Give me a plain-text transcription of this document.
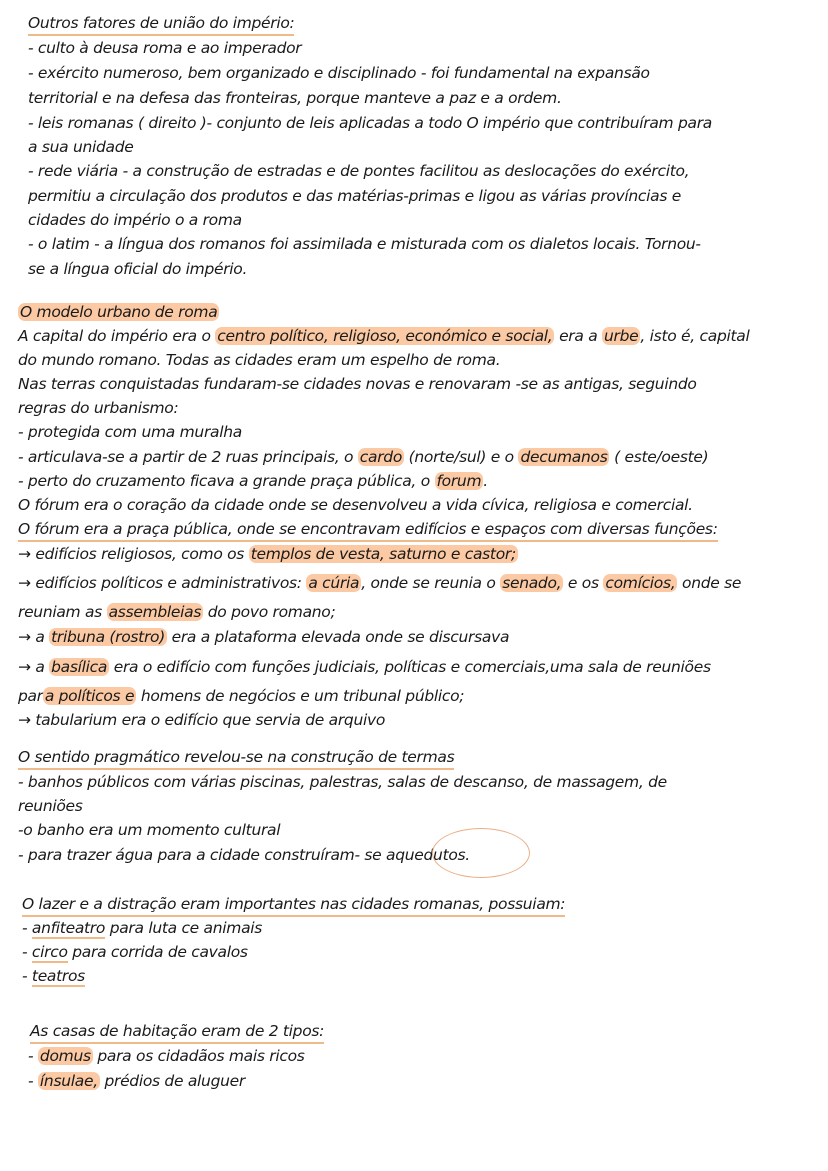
Outros fatores de união do império:
- culto à deusa roma e ao imperador
- exército numeroso, bem organizado e disciplinado - foi fundamental na expansão
territorial e na defesa das fronteiras, porque manteve a paz e a ordem.
- leis romanas ( direito )- conjunto de leis aplicadas a todo O império que contribuíram para
a sua unidade
- rede viária - a construção de estradas e de pontes facilitou as deslocações do exército,
permitiu a circulação dos produtos e das matérias-primas e ligou as várias províncias e
cidades do império o a roma
- o latim - a língua dos romanos foi assimilada e misturada com os dialetos locais. Tornou-
se a língua oficial do império.
O modelo urbano de roma
A capital do império era o centro político, religioso, económico e social, era a urbe , isto é, capital
do mundo romano. Todas as cidades eram um espelho de roma.
Nas terras conquistadas fundaram-se cidades novas e renovaram -se as antigas, seguindo
regras do urbanismo:
- protegida com uma muralha
- articulava-se a partir de 2 ruas principais, o cardo (norte/sul) e o decumanos ( este/oeste)
- perto do cruzamento ficava a grande praça pública, o forum .
O fórum era o coração da cidade onde se desenvolveu a vida cívica, religiosa e comercial.
O fórum era a praça pública, onde se encontravam edifícios e espaços com diversas funções:
→ edifícios religiosos, como os templos de vesta, saturno e castor;
→ edifícios políticos e administrativos: a cúria , onde se reunia o senado, e os comícios, onde se
reuniam as assembleias do povo romano;
→ a tribuna (rostro) era a plataforma elevada onde se discursava
→ a basílica era o edifício com funções judiciais, políticas e comerciais,uma sala de reuniões
par a políticos e homens de negócios e um tribunal público;
→ tabularium era o edifício que servia de arquivo
O sentido pragmático revelou-se na construção de termas
- banhos públicos com várias piscinas, palestras, salas de descanso, de massagem, de
reuniões
-o banho era um momento cultural
- para trazer água para a cidade construíram- se aquedutos.
O lazer e a distração eram importantes nas cidades romanas, possuiam:
- anfiteatro para luta ce animais
- circo para corrida de cavalos
- teatros
As casas de habitação eram de 2 tipos:
- domus para os cidadãos mais ricos
- ínsulae, prédios de aluguer
